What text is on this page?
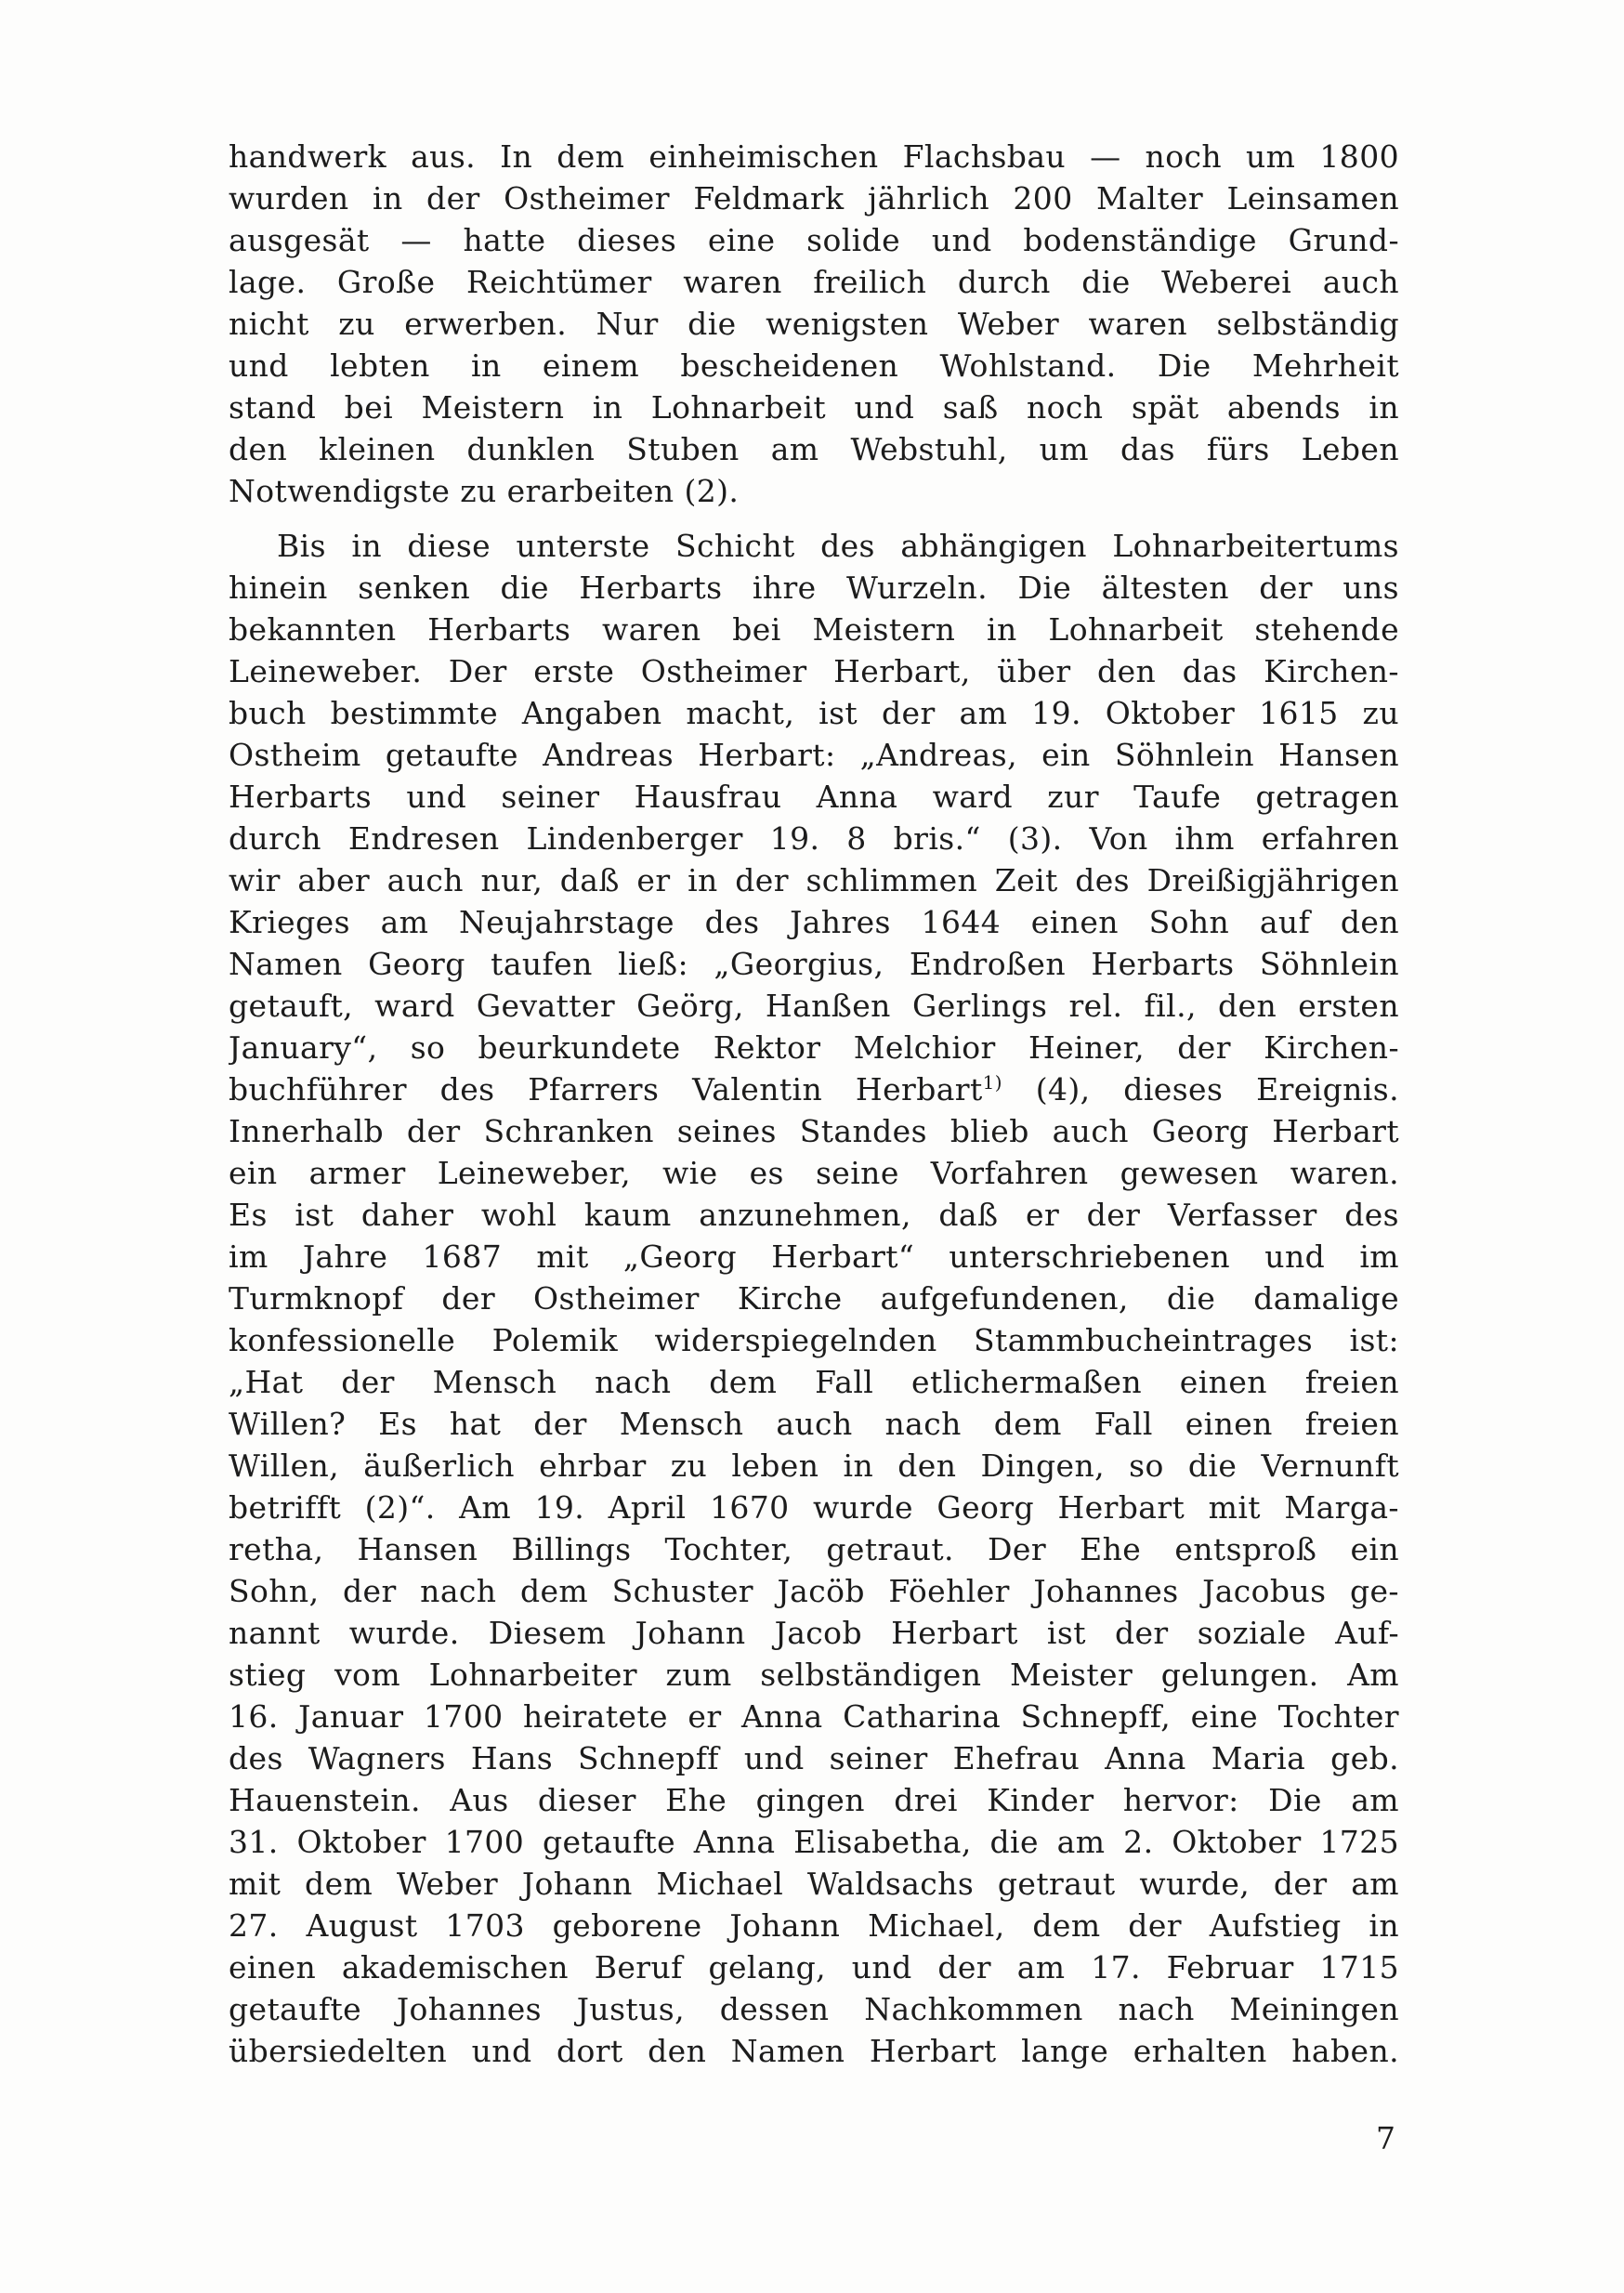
handwerk aus. In dem einheimischen Flachsbau — noch um 1800
wurden in der Ostheimer Feldmark jährlich 200 Malter Leinsamen
ausgesät — hatte dieses eine solide und bodenständige Grund-
lage. Große Reichtümer waren freilich durch die Weberei auch
nicht zu erwerben. Nur die wenigsten Weber waren selbständig
und lebten in einem bescheidenen Wohlstand. Die Mehrheit
stand bei Meistern in Lohnarbeit und saß noch spät abends in
den kleinen dunklen Stuben am Webstuhl, um das fürs Leben
Notwendigste zu erarbeiten (2).
Bis in diese unterste Schicht des abhängigen Lohnarbeitertums
hinein senken die Herbarts ihre Wurzeln. Die ältesten der uns
bekannten Herbarts waren bei Meistern in Lohnarbeit stehende
Leineweber. Der erste Ostheimer Herbart, über den das Kirchen-
buch bestimmte Angaben macht, ist der am 19. Oktober 1615 zu
Ostheim getaufte Andreas Herbart: „Andreas, ein Söhnlein Hansen
Herbarts und seiner Hausfrau Anna ward zur Taufe getragen
durch Endresen Lindenberger 19. 8 bris.“ (3). Von ihm erfahren
wir aber auch nur, daß er in der schlimmen Zeit des Dreißigjährigen
Krieges am Neujahrstage des Jahres 1644 einen Sohn auf den
Namen Georg taufen ließ: „Georgius, Endroßen Herbarts Söhnlein
getauft, ward Gevatter Geörg, Hanßen Gerlings rel. fil., den ersten
January“, so beurkundete Rektor Melchior Heiner, der Kirchen-
buchführer des Pfarrers Valentin Herbart$^{1)}$ (4), dieses Ereignis.
Innerhalb der Schranken seines Standes blieb auch Georg Herbart
ein armer Leineweber, wie es seine Vorfahren gewesen waren.
Es ist daher wohl kaum anzunehmen, daß er der Verfasser des
im Jahre 1687 mit „Georg Herbart“ unterschriebenen und im
Turmknopf der Ostheimer Kirche aufgefundenen, die damalige
konfessionelle Polemik widerspiegelnden Stammbucheintrages ist:
„Hat der Mensch nach dem Fall etlichermaßen einen freien
Willen? Es hat der Mensch auch nach dem Fall einen freien
Willen, äußerlich ehrbar zu leben in den Dingen, so die Vernunft
betrifft (2)“. Am 19. April 1670 wurde Georg Herbart mit Marga-
retha, Hansen Billings Tochter, getraut. Der Ehe entsproß ein
Sohn, der nach dem Schuster Jacöb Föehler Johannes Jacobus ge-
nannt wurde. Diesem Johann Jacob Herbart ist der soziale Auf-
stieg vom Lohnarbeiter zum selbständigen Meister gelungen. Am
16. Januar 1700 heiratete er Anna Catharina Schnepff, eine Tochter
des Wagners Hans Schnepff und seiner Ehefrau Anna Maria geb.
Hauenstein. Aus dieser Ehe gingen drei Kinder hervor: Die am
31. Oktober 1700 getaufte Anna Elisabetha, die am 2. Oktober 1725
mit dem Weber Johann Michael Waldsachs getraut wurde, der am
27. August 1703 geborene Johann Michael, dem der Aufstieg in
einen akademischen Beruf gelang, und der am 17. Februar 1715
getaufte Johannes Justus, dessen Nachkommen nach Meiningen
übersiedelten und dort den Namen Herbart lange erhalten haben.
7
